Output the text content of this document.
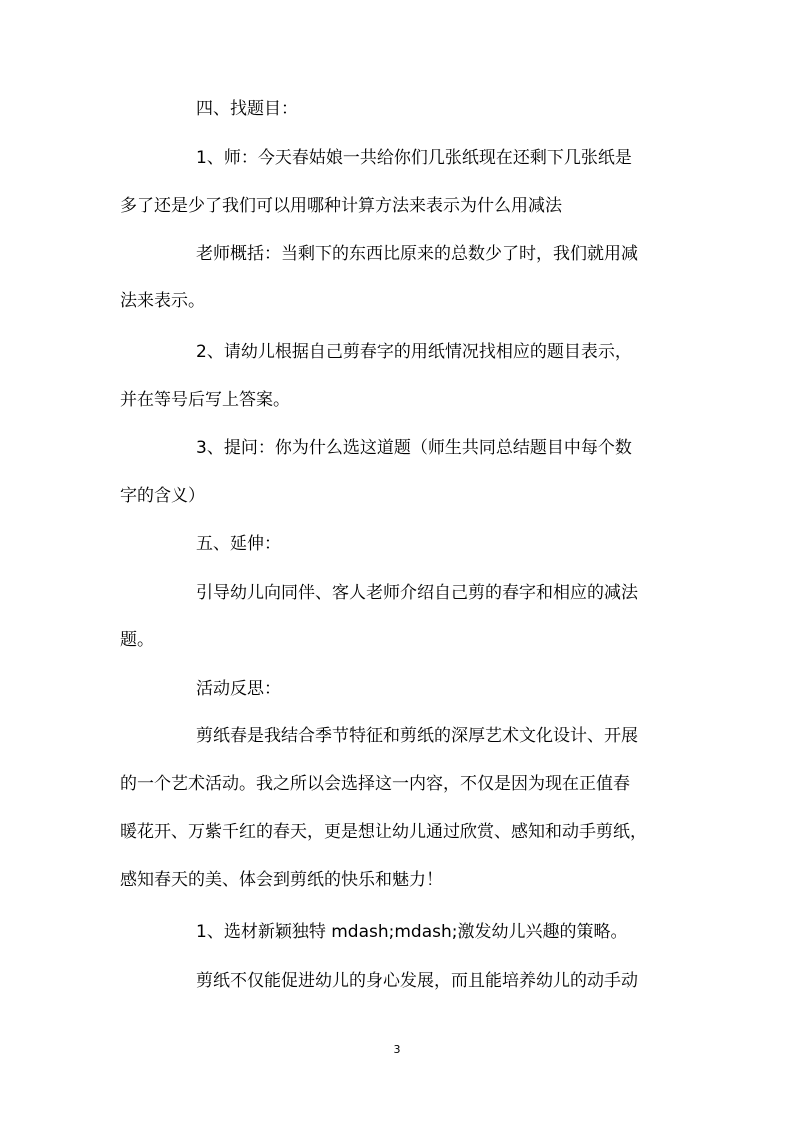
四、找题目：
1、师：今天春姑娘一共给你们几张纸现在还剩下几张纸是
多了还是少了我们可以用哪种计算方法来表示为什么用减法
老师概括：当剩下的东西比原来的总数少了时，我们就用减
法来表示。
2、请幼儿根据自己剪春字的用纸情况找相应的题目表示，
并在等号后写上答案。
3、提问：你为什么选这道题（师生共同总结题目中每个数
字的含义）
五、延伸：
引导幼儿向同伴、客人老师介绍自己剪的春字和相应的减法
题。
活动反思：
剪纸春是我结合季节特征和剪纸的深厚艺术文化设计、开展
的一个艺术活动。我之所以会选择这一内容，不仅是因为现在正值春
暖花开、万紫千红的春天，更是想让幼儿通过欣赏、感知和动手剪纸，
感知春天的美、体会到剪纸的快乐和魅力！
1、选材新颖独特 mdash;mdash;激发幼儿兴趣的策略。
剪纸不仅能促进幼儿的身心发展，而且能培养幼儿的动手动
3
